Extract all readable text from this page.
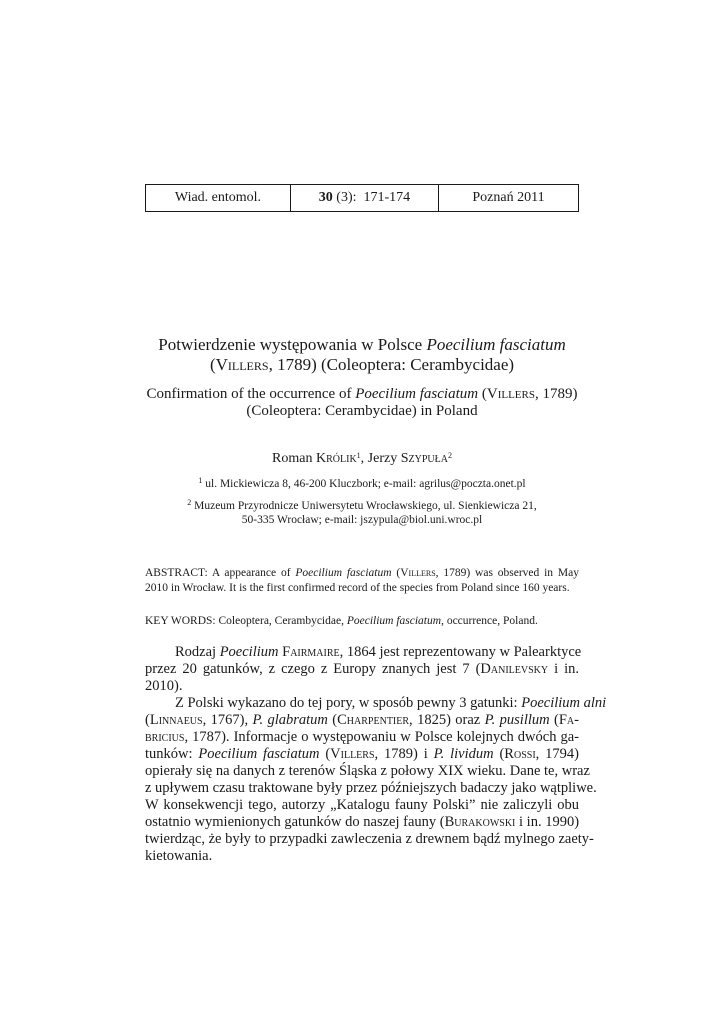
Wiad. entomol.	30 (3):  171-174	Poznań 2011
Potwierdzenie występowania w Polsce Poecilium fasciatum
(Villers, 1789) (Coleoptera: Cerambycidae)
Confirmation of the occurrence of Poecilium fasciatum (Villers, 1789)
(Coleoptera: Cerambycidae) in Poland
Roman Królik$^1$, Jerzy Szypuła$^2$
$^1$ ul. Mickiewicza 8, 46-200 Kluczbork; e-mail: agrilus@poczta.onet.pl
$^2$ Muzeum Przyrodnicze Uniwersytetu Wrocławskiego, ul. Sienkiewicza 21,
50-335 Wrocław; e-mail: jszypula@biol.uni.wroc.pl
ABSTRACT: A appearance of Poecilium fasciatum (Villers, 1789) was observed in May 2010 in Wrocław. It is the first confirmed record of the species from Poland since 160 years.
KEY WORDS: Coleoptera, Cerambycidae, Poecilium fasciatum, occurrence, Poland.
Rodzaj Poecilium Fairmaire, 1864 jest reprezentowany w Palearktyce
przez 20 gatunków, z czego z Europy znanych jest 7 (Danilevsky i in.
2010).
Z Polski wykazano do tej pory, w sposób pewny 3 gatunki: Poecilium alni
(Linnaeus, 1767), P. glabratum (Charpentier, 1825) oraz P. pusillum (Fa-
bricius, 1787). Informacje o występowaniu w Polsce kolejnych dwóch ga-
tunków: Poecilium fasciatum (Villers, 1789) i P. lividum (Rossi, 1794)
opierały się na danych z terenów Śląska z połowy XIX wieku. Dane te, wraz
z upływem czasu traktowane były przez późniejszych badaczy jako wątpliwe.
W konsekwencji tego, autorzy „Katalogu fauny Polski” nie zaliczyli obu
ostatnio wymienionych gatunków do naszej fauny (Burakowski i in. 1990)
twierdząc, że były to przypadki zawleczenia z drewnem bądź mylnego zaety-
kietowania.
